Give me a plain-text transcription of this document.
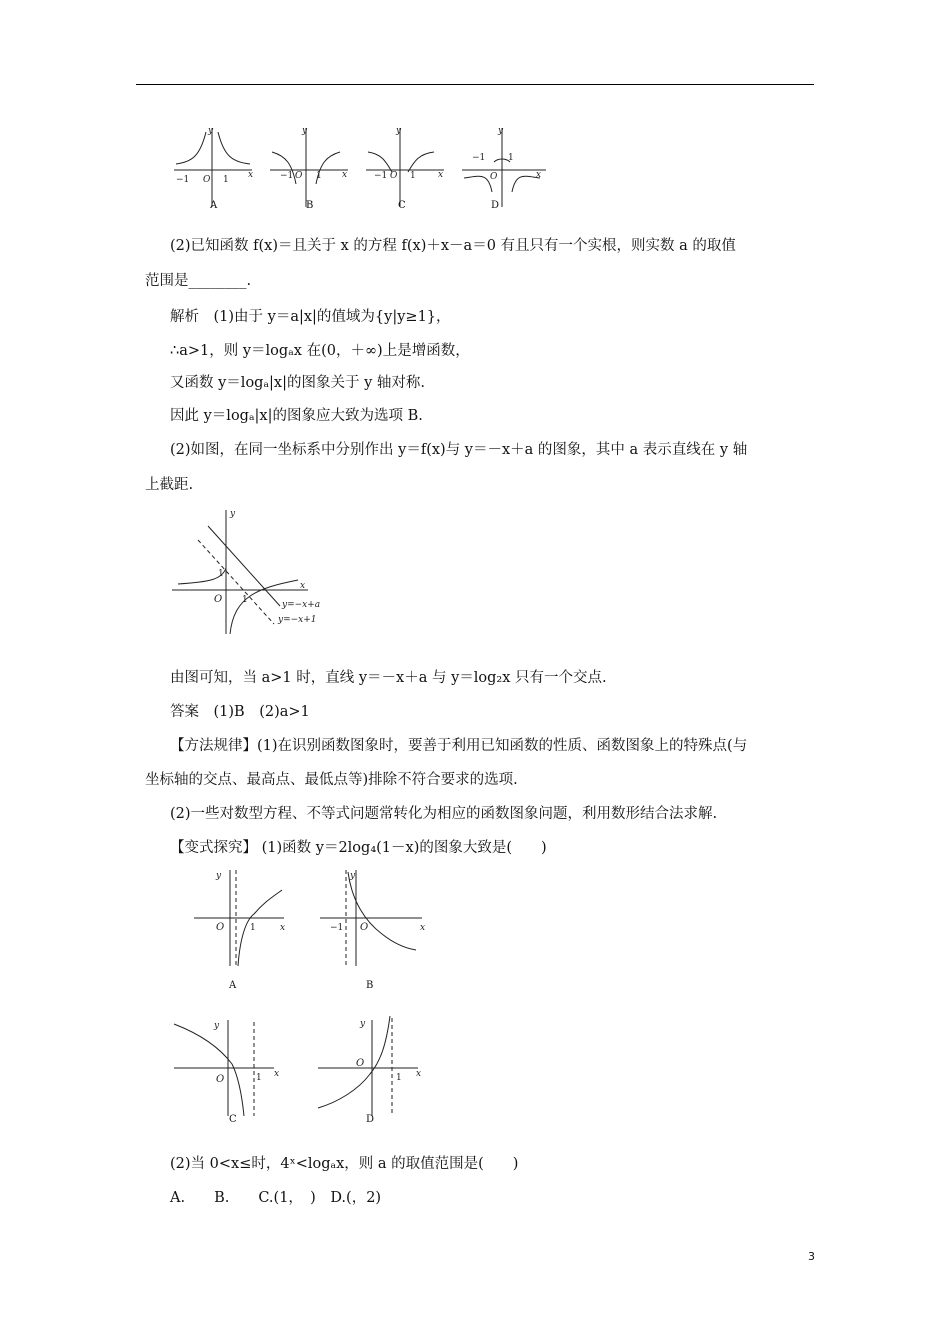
y
−1 O 1 x
y
−1 O 1 x
y
−1 O 1 x
y
−1
O
1
x
A	B	C	D
(2)已知函数 f(x)＝且关于 x 的方程 f(x)＋x－a＝0 有且只有一个实根，则实数 a 的取值
范围是________.
解析　(1)由于 y＝a|x|的值域为{y|y≥1}，
∴a>1，则 y＝logₐx 在(0，＋∞)上是增函数，
又函数 y＝logₐ|x|的图象关于 y 轴对称.
因此 y＝logₐ|x|的图象应大致为选项 B.
(2)如图，在同一坐标系中分别作出 y＝f(x)与 y＝－x＋a 的图象，其中 a 表示直线在 y 轴
上截距.
y
x
O 1
1
y=−x+a
y=−x+1
由图可知，当 a>1 时，直线 y＝－x＋a 与 y＝log₂x 只有一个交点.
答案　(1)B　(2)a>1
【方法规律】(1)在识别函数图象时，要善于利用已知函数的性质、函数图象上的特殊点(与
坐标轴的交点、最高点、最低点等)排除不符合要求的选项.
(2)一些对数型方程、不等式问题常转化为相应的函数图象问题，利用数形结合法求解.
【变式探究】 (1)函数 y＝2log₄(1－x)的图象大致是(　　)
y
x
O	1
y
x
O
−1
y
x
O	1
y
x
O
1
A	B
C	D
(2)当 0<x≤时，4ˣ<logₐx，则 a 的取值范围是(　　)
A.　　B.　　C.(1，　)　D.(，2)
3
